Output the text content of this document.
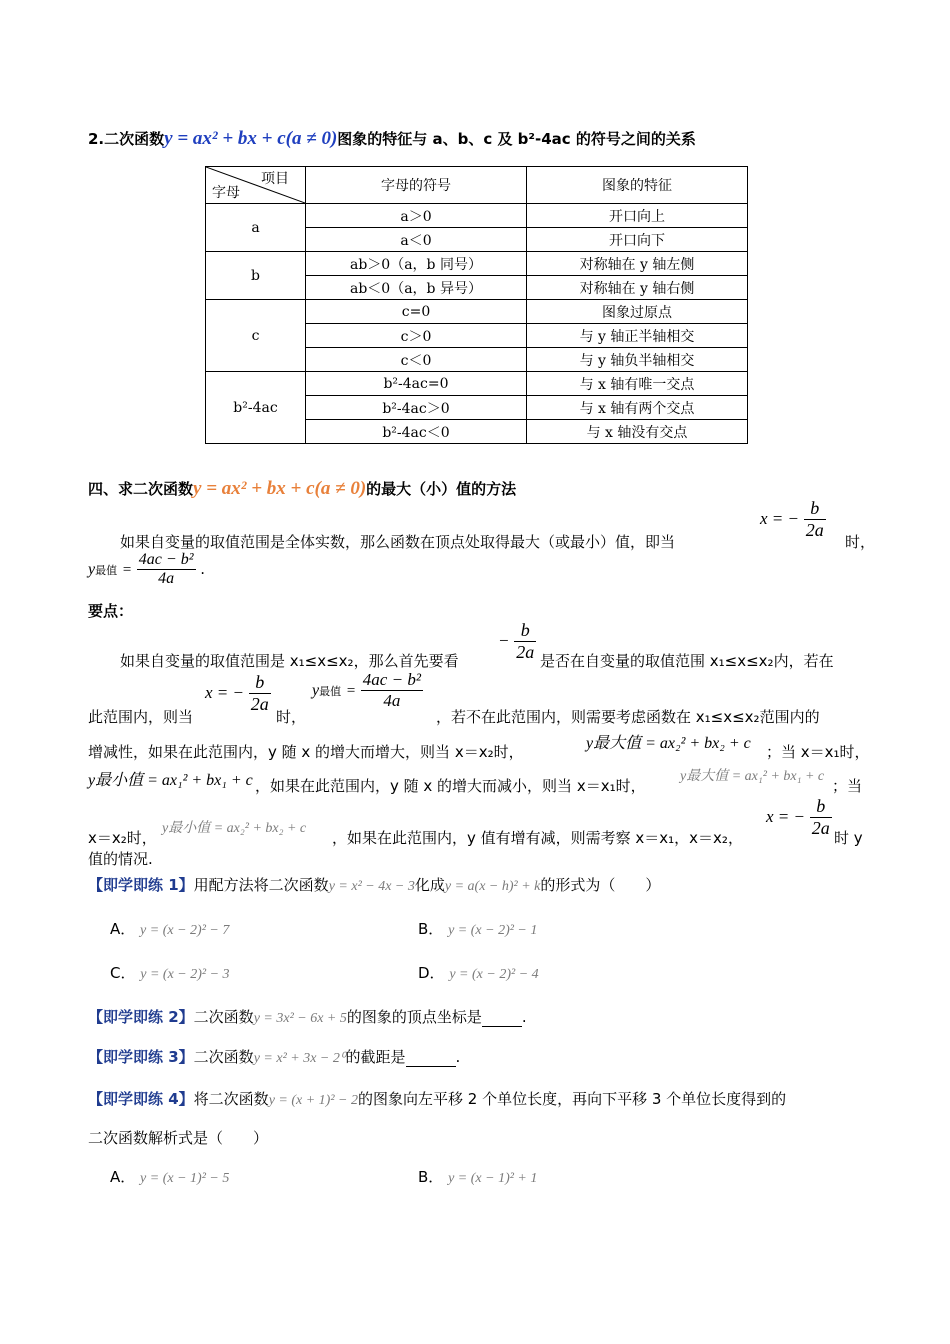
2.二次函数y = ax² + bx + c(a ≠ 0)图象的特征与 a、b、c 及 b²-4ac 的符号之间的关系
项目
字母	字母的符号	图象的特征
a	a＞0	开口向上
	a＜0	开口向下
b	ab＞0（a，b 同号）	对称轴在 y 轴左侧
	ab＜0（a，b 异号）	对称轴在 y 轴右侧
c	c=0	图象过原点
	c＞0	与 y 轴正半轴相交
	c＜0	与 y 轴负半轴相交
b²-4ac	b²-4ac=0	与 x 轴有唯一交点
	b²-4ac＞0	与 x 轴有两个交点
	b²-4ac＜0	与 x 轴没有交点
四、求二次函数y = ax² + bx + c(a ≠ 0)的最大（小）值的方法
x = − $\frac{b}{2a}$
如果自变量的取值范围是全体实数，那么函数在顶点处取得最大（或最小）值，即当	时，
y最值 = $\frac{\text{4ac − b²}}{4a}$ .
要点：
− $\frac{b}{2a}$
如果自变量的取值范围是 x₁≤x≤x₂，那么首先要看	是否在自变量的取值范围 x₁≤x≤x₂内，若在
x = − $\frac{b}{2a}$	y最值 = $\frac{\text{4ac − b²}}{4a}$
此范围内，则当	时，	，若不在此范围内，则需要考虑函数在 x₁≤x≤x₂范围内的
增减性，如果在此范围内，y 随 x 的增大而增大，则当 x＝x₂时，	y最大值 = ax₂² + bx₂ + c ；当 x＝x₁时，
y最小值 = ax₁² + bx₁ + c ，如果在此范围内，y 随 x 的增大而减小，则当 x＝x₁时，
y最大值 = ax₁² + bx₁ + c
；当
x = − $\frac{b}{2a}$
x＝x₂时，
y最小值 = ax₂² + bx₂ + c
，如果在此范围内，y 值有增有减，则需考察 x＝x₁，x＝x₂，	时 y
值的情况.
【即学即练 1】用配方法将二次函数y = x² − 4x − 3化成y = a(x − h)² + k的形式为（　　）
A． y = (x − 2)² − 7	B． y = (x − 2)² − 1
C． y = (x − 2)² − 3	D． y = (x − 2)² − 4
【即学即练 2】二次函数y = 3x² − 6x + 5的图象的顶点坐标是	.
【即学即练 3】二次函数y = x² + 3x − 2⁰的截距是	.
【即学即练 4】将二次函数y = (x + 1)² − 2的图象向左平移 2 个单位长度，再向下平移 3 个单位长度得到的
二次函数解析式是（　　）
A． y = (x − 1)² − 5	B． y = (x − 1)² + 1
